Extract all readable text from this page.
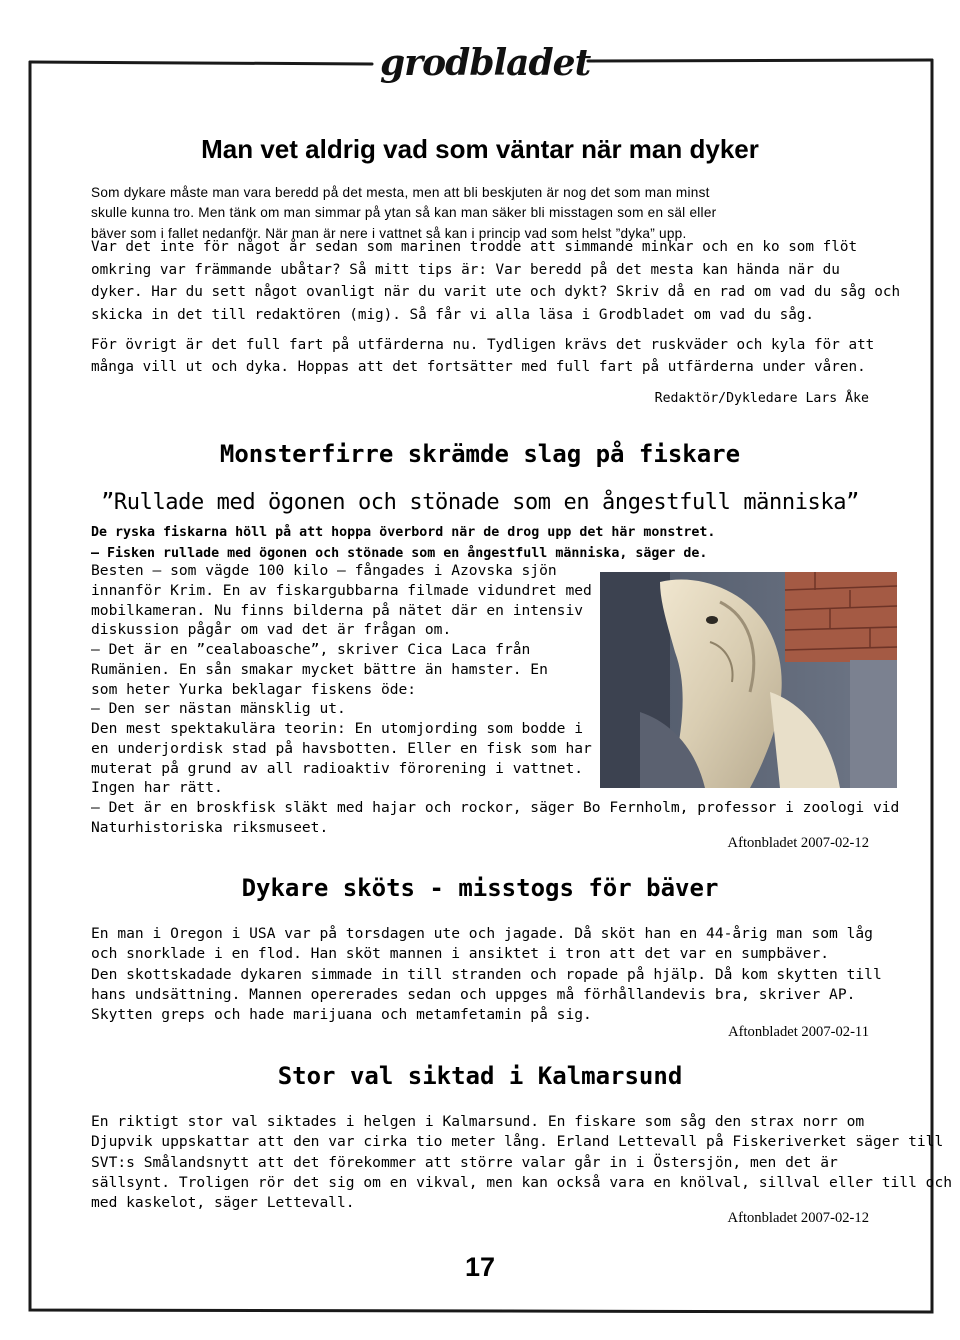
grodbladet
Man vet aldrig vad som väntar när man dyker
Som dykare måste man vara beredd på det mesta, men att bli beskjuten är nog det som man minst
skulle kunna tro. Men tänk om man simmar på ytan så kan man säker bli misstagen som en säl eller
bäver som i fallet nedanför. När man är nere i vattnet så kan i princip vad som helst ”dyka” upp.
Var det inte för något år sedan som marinen trodde att simmande minkar och en ko som flöt
omkring var främmande ubåtar? Så mitt tips är: Var beredd på det mesta kan hända när du
dyker. Har du sett något ovanligt när du varit ute och dykt? Skriv då en rad om vad du såg och
skicka in det till redaktören (mig). Så får vi alla läsa i Grodbladet om vad du såg.
För övrigt är det full fart på utfärderna nu. Tydligen krävs det ruskväder och kyla för att
många vill ut och dyka. Hoppas att det fortsätter med full fart på utfärderna under våren.
Redaktör/Dykledare Lars Åke
Monsterfirre skrämde slag på fiskare
”Rullade med ögonen och stönade som en ångestfull människa”
De ryska fiskarna höll på att hoppa överbord när de drog upp det här monstret.
– Fisken rullade med ögonen och stönade som en ångestfull människa, säger de.
Besten – som vägde 100 kilo – fångades i Azovska sjön
innanför Krim. En av fiskargubbarna filmade vidundret med
mobilkameran. Nu finns bilderna på nätet där en intensiv
diskussion pågår om vad det är frågan om.
– Det är en ”cealaboasche”, skriver Cica Laca från
Rumänien. En sån smakar mycket bättre än hamster. En
som heter Yurka beklagar fiskens öde:
– Den ser nästan mänsklig ut.
Den mest spektakulära teorin: En utomjording som bodde i
en underjordisk stad på havsbotten. Eller en fisk som har
muterat på grund av all radioaktiv förorening i vattnet.
Ingen har rätt.
– Det är en broskfisk släkt med hajar och rockor, säger Bo Fernholm, professor i zoologi vid
Naturhistoriska riksmuseet.
Aftonbladet 2007-02-12
Dykare sköts - misstogs för bäver
En man i Oregon i USA var på torsdagen ute och jagade. Då sköt han en 44-årig man som låg
och snorklade i en flod. Han sköt mannen i ansiktet i tron att det var en sumpbäver.
Den skottskadade dykaren simmade in till stranden och ropade på hjälp. Då kom skytten till
hans undsättning. Mannen opererades sedan och uppges må förhållandevis bra, skriver AP.
Skytten greps och hade marijuana och metamfetamin på sig.
Aftonbladet 2007-02-11
Stor val siktad i Kalmarsund
En riktigt stor val siktades i helgen i Kalmarsund. En fiskare som såg den strax norr om
Djupvik uppskattar att den var cirka tio meter lång. Erland Lettevall på Fiskeriverket säger till
SVT:s Smålandsnytt att det förekommer att större valar går in i Östersjön, men det är
sällsynt. Troligen rör det sig om en vikval, men kan också vara en knölval, sillval eller till och
med kaskelot, säger Lettevall.
Aftonbladet 2007-02-12
17
